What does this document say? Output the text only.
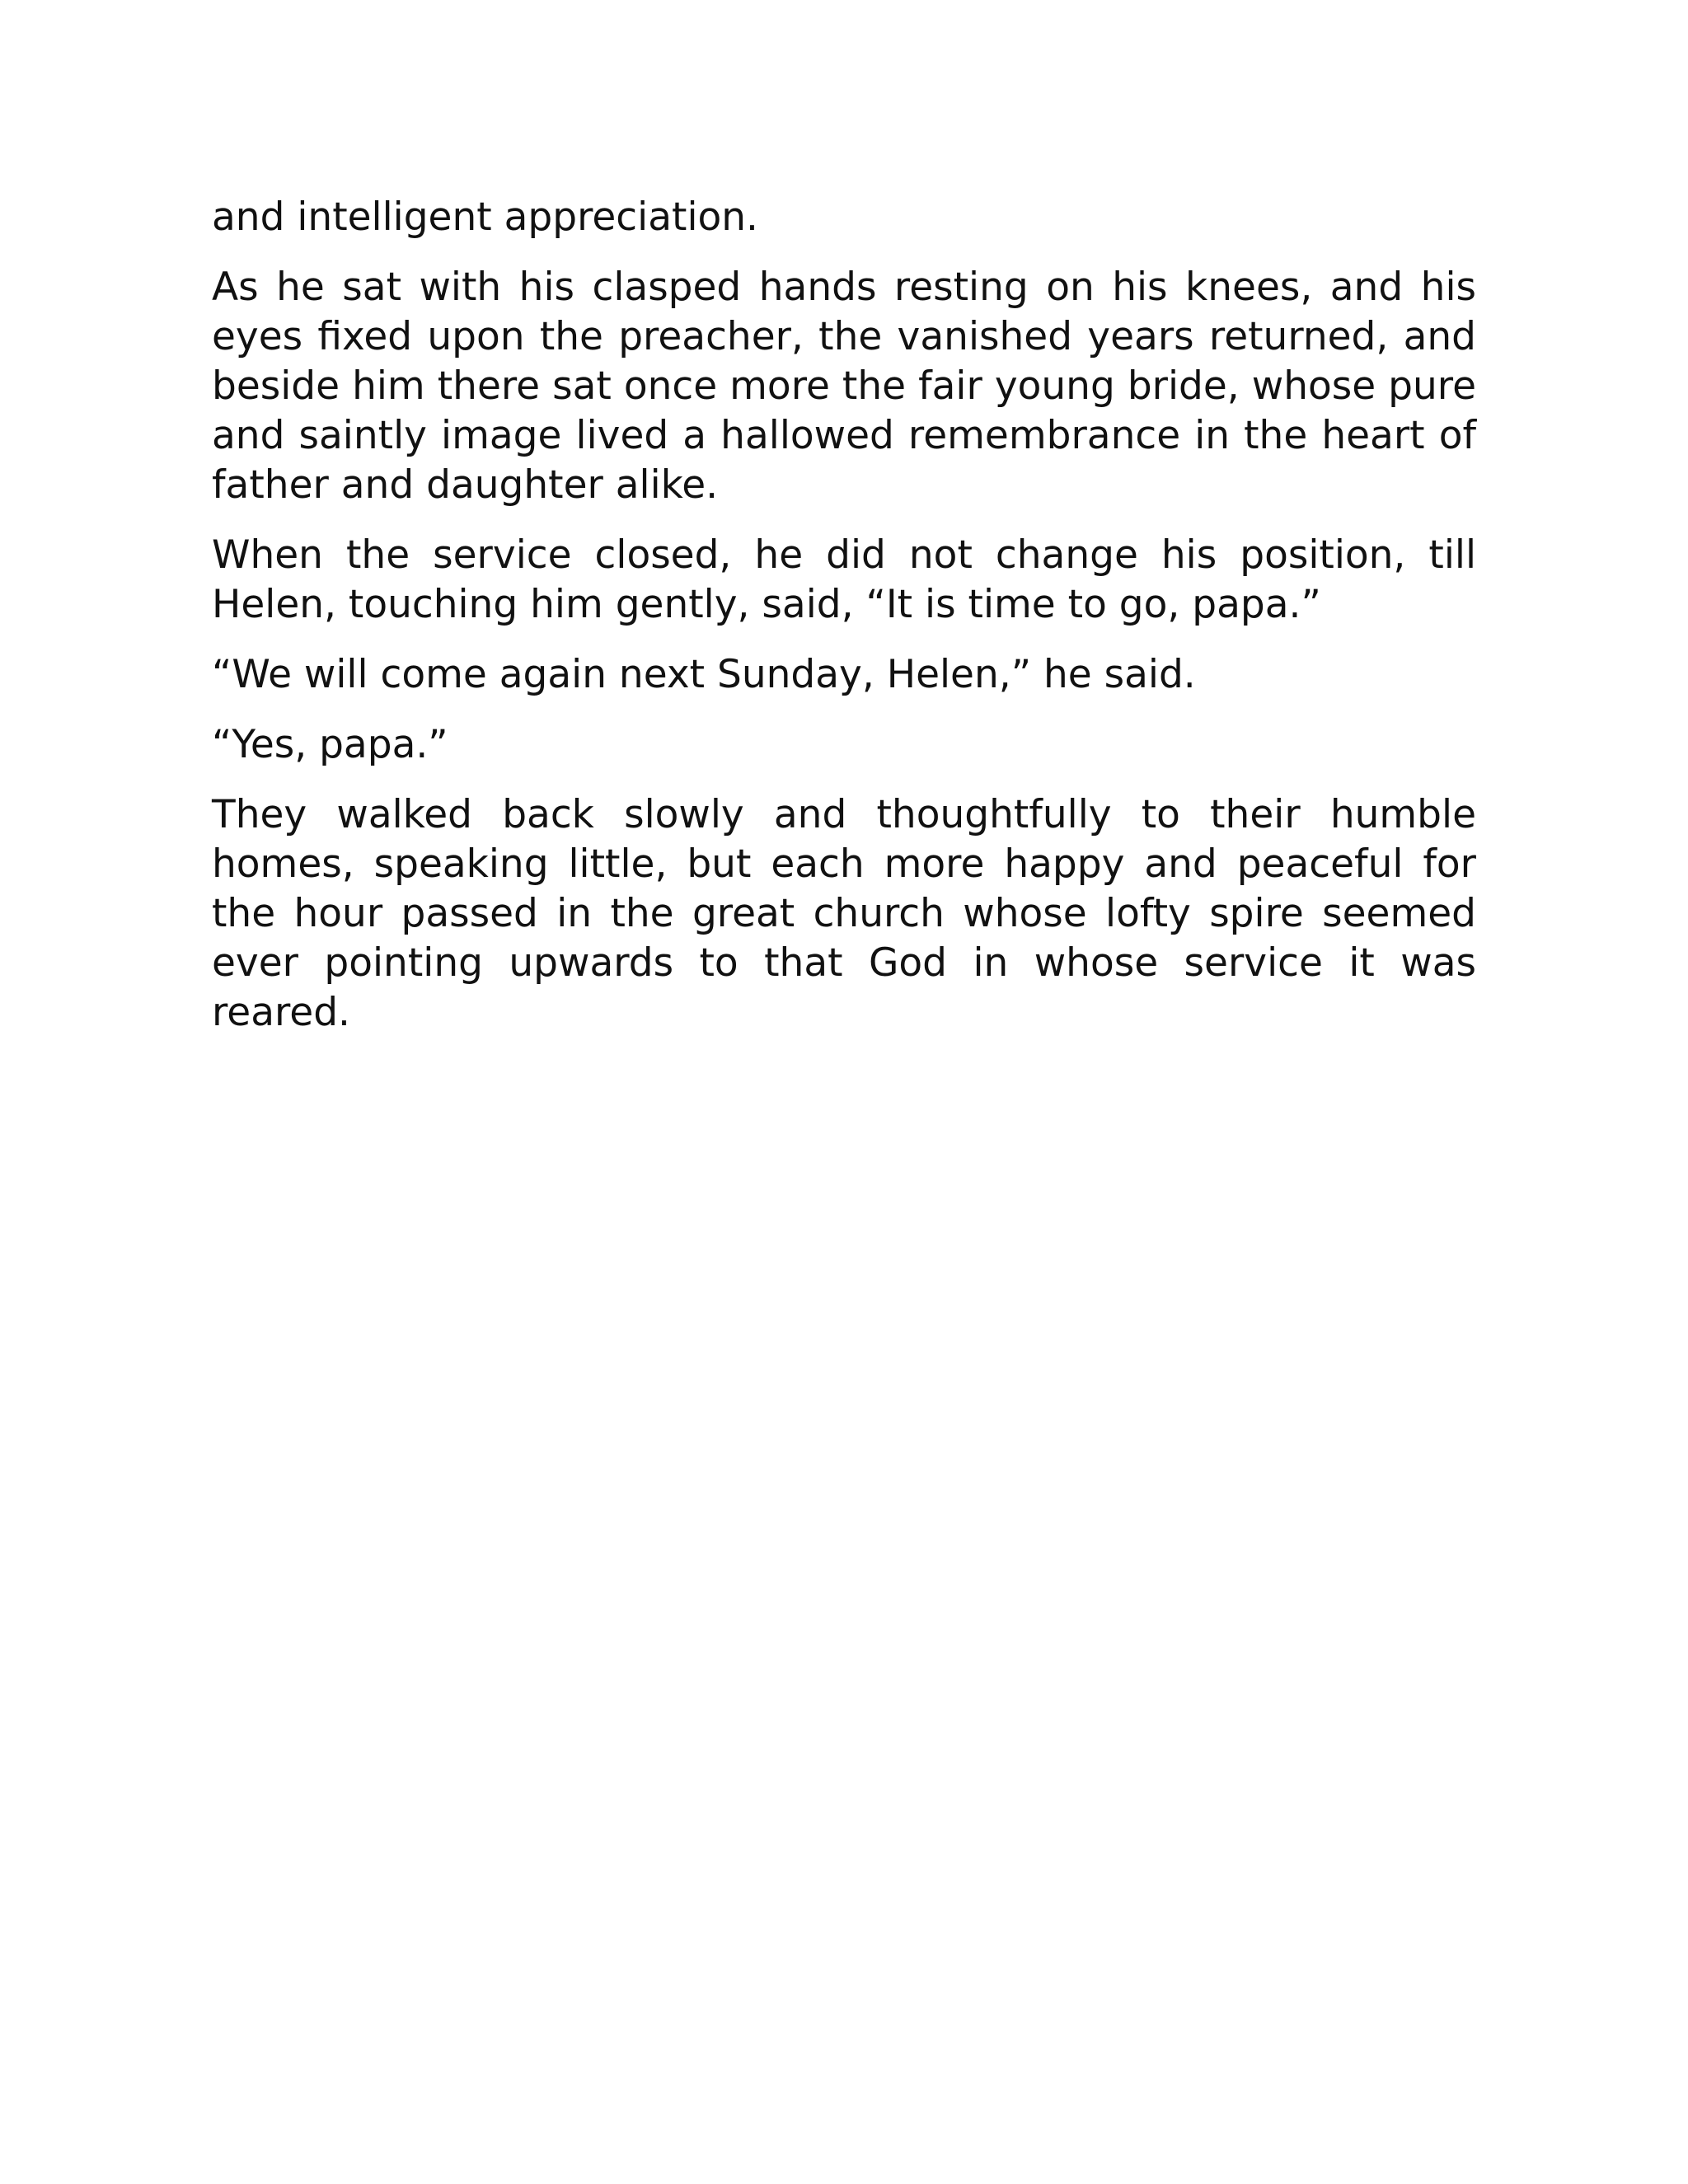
and intelligent appreciation.

As he sat with his clasped hands resting on his knees, and his eyes fixed upon the preacher, the vanished years returned, and beside him there sat once more the fair young bride, whose pure and saintly image lived a hallowed remembrance in the heart of father and daughter alike.

When the service closed, he did not change his position, till Helen, touching him gently, said, “It is time to go, papa.”

“We will come again next Sunday, Helen,” he said.

“Yes, papa.”

They walked back slowly and thoughtfully to their humble homes, speaking little, but each more happy and peaceful for the hour passed in the great church whose lofty spire seemed ever pointing upwards to that God in whose service it was reared.
